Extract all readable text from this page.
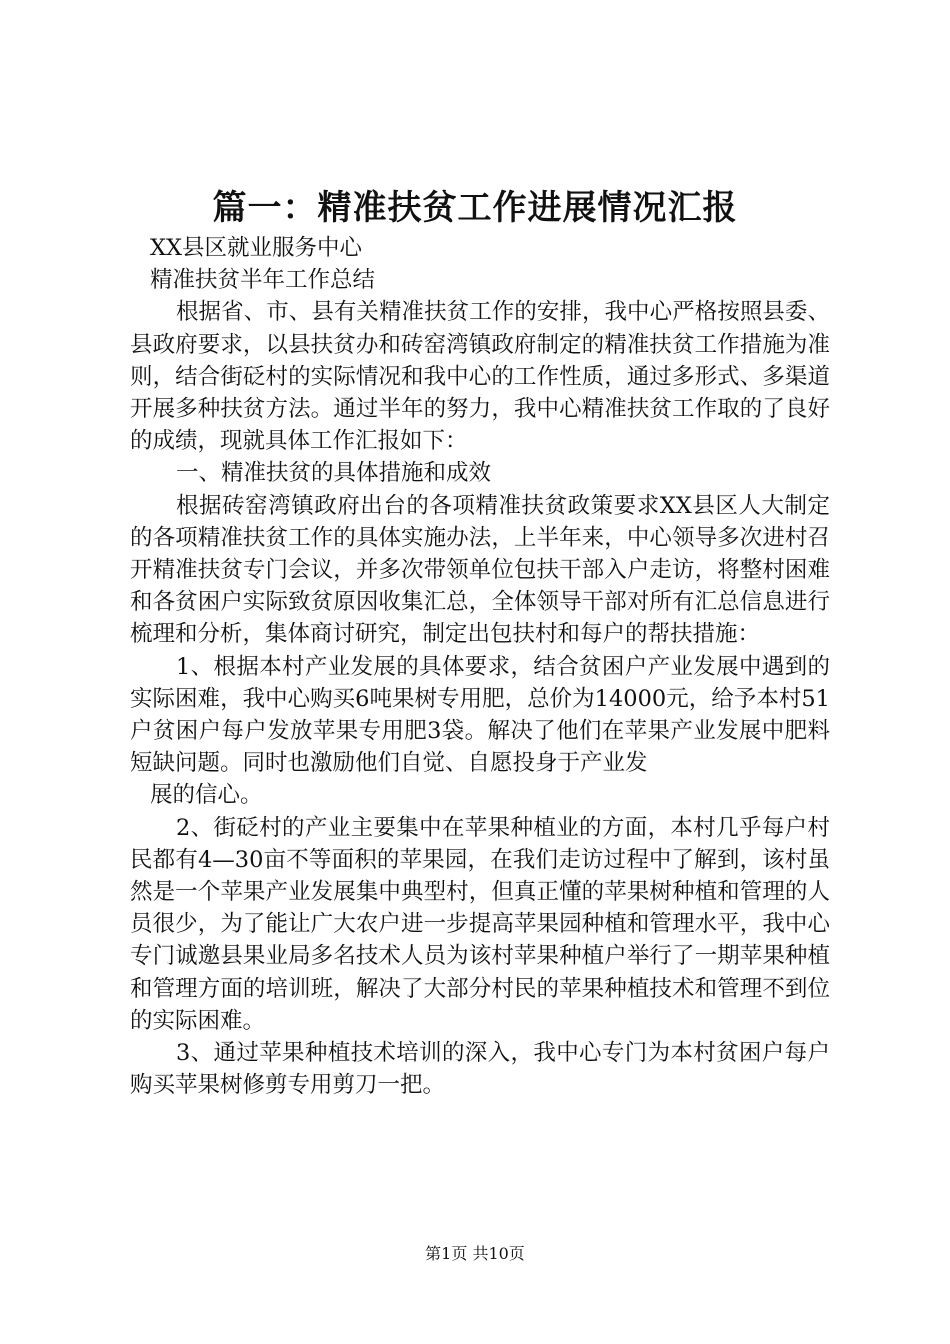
篇一：精准扶贫工作进展情况汇报

XX县区就业服务中心

精准扶贫半年工作总结

根据省、市、县有关精准扶贫工作的安排，我中心严格按照县委、县政府要求，以县扶贫办和砖窑湾镇政府制定的精准扶贫工作措施为准则，结合街砭村的实际情况和我中心的工作性质，通过多形式、多渠道开展多种扶贫方法。通过半年的努力，我中心精准扶贫工作取的了良好的成绩，现就具体工作汇报如下：

一、精准扶贫的具体措施和成效

根据砖窑湾镇政府出台的各项精准扶贫政策要求XX县区人大制定的各项精准扶贫工作的具体实施办法，上半年来，中心领导多次进村召开精准扶贫专门会议，并多次带领单位包扶干部入户走访，将整村困难和各贫困户实际致贫原因收集汇总，全体领导干部对所有汇总信息进行梳理和分析，集体商讨研究，制定出包扶村和每户的帮扶措施：

1、根据本村产业发展的具体要求，结合贫困户产业发展中遇到的实际困难，我中心购买6吨果树专用肥，总价为14000元，给予本村51户贫困户每户发放苹果专用肥3袋。解决了他们在苹果产业发展中肥料短缺问题。同时也激励他们自觉、自愿投身于产业发

展的信心。

2、街砭村的产业主要集中在苹果种植业的方面，本村几乎每户村民都有4—30亩不等面积的苹果园，在我们走访过程中了解到，该村虽然是一个苹果产业发展集中典型村，但真正懂的苹果树种植和管理的人员很少，为了能让广大农户进一步提高苹果园种植和管理水平，我中心专门诚邀县果业局多名技术人员为该村苹果种植户举行了一期苹果种植和管理方面的培训班，解决了大部分村民的苹果种植技术和管理不到位的实际困难。

3、通过苹果种植技术培训的深入，我中心专门为本村贫困户每户购买苹果树修剪专用剪刀一把。

第1页 共10页
